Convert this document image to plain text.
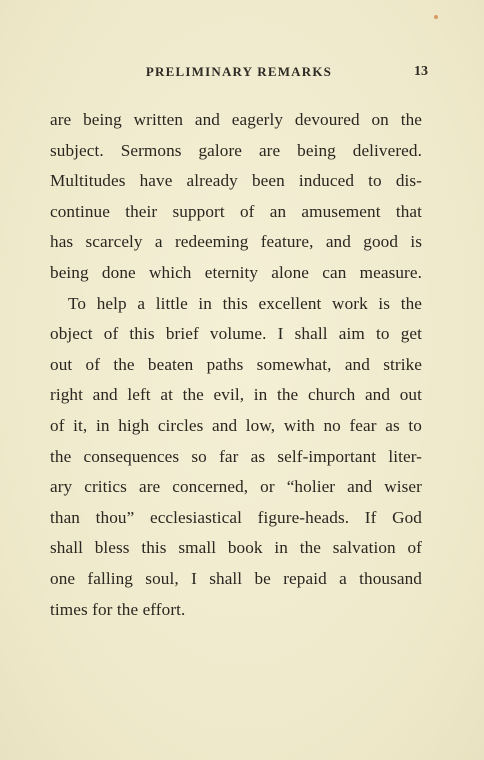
PRELIMINARY REMARKS	13
are being written and eagerly devoured on the
subject. Sermons galore are being delivered.
Multitudes have already been induced to dis-
continue their support of an amusement that
has scarcely a redeeming feature, and good is
being done which eternity alone can measure.
To help a little in this excellent work is the
object of this brief volume. I shall aim to get
out of the beaten paths somewhat, and strike
right and left at the evil, in the church and out
of it, in high circles and low, with no fear as to
the consequences so far as self-important liter-
ary critics are concerned, or “holier and wiser
than thou” ecclesiastical figure-heads. If God
shall bless this small book in the salvation of
one falling soul, I shall be repaid a thousand
times for the effort.
